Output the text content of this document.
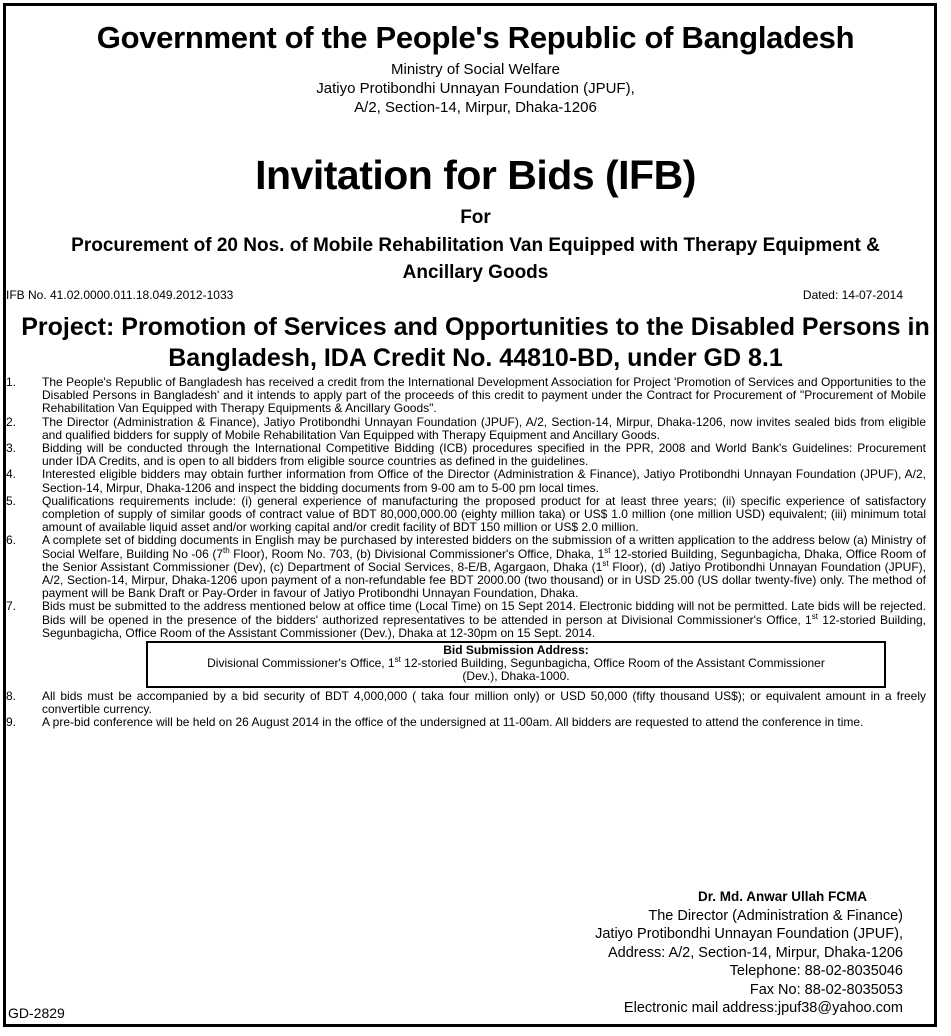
Government of the People's Republic of Bangladesh
Ministry of Social Welfare
Jatiyo Protibondhi Unnayan Foundation (JPUF),
A/2, Section-14, Mirpur, Dhaka-1206
Invitation for Bids (IFB)
For
Procurement of 20 Nos. of Mobile Rehabilitation Van Equipped with Therapy Equipment &
Ancillary Goods
IFB No. 41.02.0000.011.18.049.2012-1033	Dated: 14-07-2014
Project: Promotion of Services and Opportunities to the Disabled Persons in
Bangladesh, IDA Credit No. 44810-BD, under GD 8.1
1.	The People's Republic of Bangladesh has received a credit from the International Development Association for Project 'Promotion of Services and Opportunities to the Disabled Persons in Bangladesh' and it intends to apply part of the proceeds of this credit to payment under the Contract for Procurement of "Procurement of Mobile Rehabilitation Van Equipped with Therapy Equipments & Ancillary Goods".
2.	The Director (Administration & Finance), Jatiyo Protibondhi Unnayan Foundation (JPUF), A/2, Section-14, Mirpur, Dhaka-1206, now invites sealed bids from eligible and qualified bidders for supply of Mobile Rehabilitation Van Equipped with Therapy Equipment and Ancillary Goods.
3.	Bidding will be conducted through the International Competitive Bidding (ICB) procedures specified in the PPR, 2008 and World Bank's Guidelines: Procurement under IDA Credits, and is open to all bidders from eligible source countries as defined in the guidelines.
4.	Interested eligible bidders may obtain further information from Office of the Director (Administration & Finance), Jatiyo Protibondhi Unnayan Foundation (JPUF), A/2, Section-14, Mirpur, Dhaka-1206 and inspect the bidding documents from 9-00 am to 5-00 pm local times.
5.	Qualifications requirements include: (i) general experience of manufacturing the proposed product for at least three years; (ii) specific experience of satisfactory completion of supply of similar goods of contract value of BDT 80,000,000.00 (eighty million taka) or US$ 1.0 million (one million USD) equivalent; (iii) minimum total amount of available liquid asset and/or working capital and/or credit facility of BDT 150 million or US$ 2.0 million.
6.	A complete set of bidding documents in English may be purchased by interested bidders on the submission of a written application to the address below (a) Ministry of Social Welfare, Building No -06 (7th Floor), Room No. 703, (b) Divisional Commissioner's Office, Dhaka, 1st 12-storied Building, Segunbagicha, Dhaka, Office Room of the Senior Assistant Commissioner (Dev), (c) Department of Social Services, 8-E/B, Agargaon, Dhaka (1st Floor), (d) Jatiyo Protibondhi Unnayan Foundation (JPUF), A/2, Section-14, Mirpur, Dhaka-1206 upon payment of a non-refundable fee BDT 2000.00 (two thousand) or in USD 25.00 (US dollar twenty-five) only. The method of payment will be Bank Draft or Pay-Order in favour of Jatiyo Protibondhi Unnayan Foundation, Dhaka.
7.	Bids must be submitted to the address mentioned below at office time (Local Time) on 15 Sept 2014. Electronic bidding will not be permitted. Late bids will be rejected. Bids will be opened in the presence of the bidders' authorized representatives to be attended in person at Divisional Commissioner's Office, 1st 12-storied Building, Segunbagicha, Office Room of the Assistant Commissioner (Dev.), Dhaka at 12-30pm on 15 Sept. 2014.
Bid Submission Address:
Divisional Commissioner's Office, 1st 12-storied Building, Segunbagicha, Office Room of the Assistant Commissioner
(Dev.), Dhaka-1000.
8.	All bids must be accompanied by a bid security of BDT 4,000,000 ( taka four million only) or USD 50,000 (fifty thousand US$); or equivalent amount in a freely convertible currency.
9.	A pre-bid conference will be held on 26 August 2014 in the office of the undersigned at 11-00am. All bidders are requested to attend the conference in time.
Dr. Md. Anwar Ullah FCMA
The Director (Administration & Finance)
Jatiyo Protibondhi Unnayan Foundation (JPUF),
Address: A/2, Section-14, Mirpur, Dhaka-1206
Telephone: 88-02-8035046
Fax No: 88-02-8035053
Electronic mail address:jpuf38@yahoo.com
GD-2829
